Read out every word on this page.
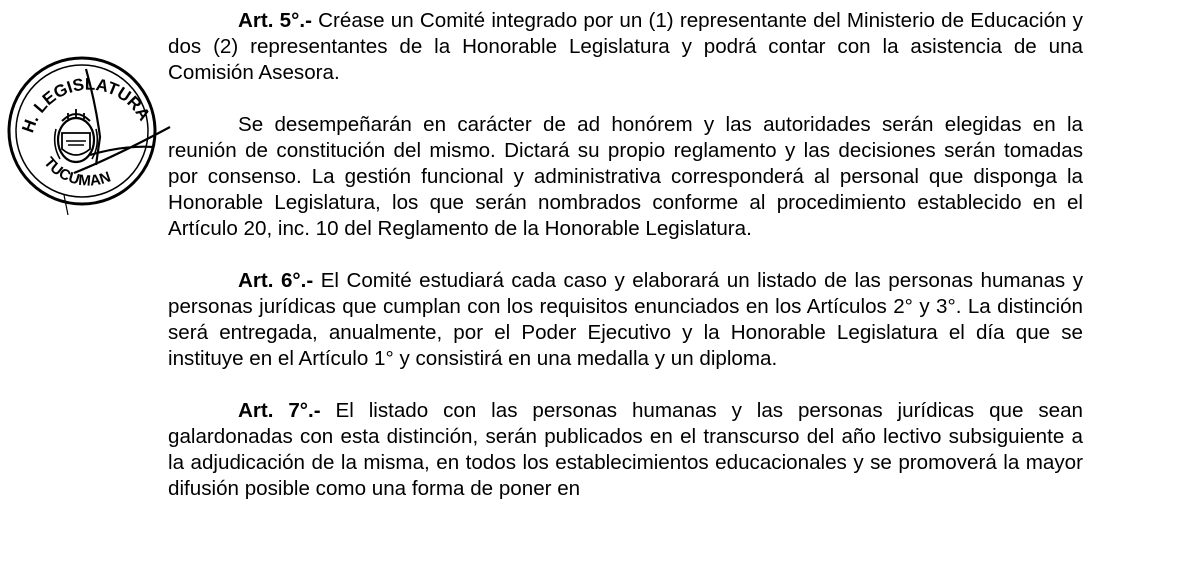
H. LEGISLATURA
TUCUMAN

Art. 5°.- Créase un Comité integrado por un (1) representante del Ministerio de Educación y dos (2) representantes de la Honorable Legislatura y podrá contar con la asistencia de una Comisión Asesora.

Se desempeñarán en carácter de ad honórem y las autoridades serán elegidas en la reunión de constitución del mismo. Dictará su propio reglamento y las decisiones serán tomadas por consenso. La gestión funcional y administrativa corresponderá al personal que disponga la Honorable Legislatura, los que serán nombrados conforme al procedimiento establecido en el Artículo 20, inc. 10 del Reglamento de la Honorable Legislatura.

Art. 6°.- El Comité estudiará cada caso y elaborará un listado de las personas humanas y personas jurídicas que cumplan con los requisitos enunciados en los Artículos 2° y 3°. La distinción será entregada, anualmente, por el Poder Ejecutivo y la Honorable Legislatura el día que se instituye en el Artículo 1° y consistirá en una medalla y un diploma.

Art. 7°.- El listado con las personas humanas y las personas jurídicas que sean galardonadas con esta distinción, serán publicados en el transcurso del año lectivo subsiguiente a la adjudicación de la misma, en todos los establecimientos educacionales y se promoverá la mayor difusión posible como una forma de poner en
